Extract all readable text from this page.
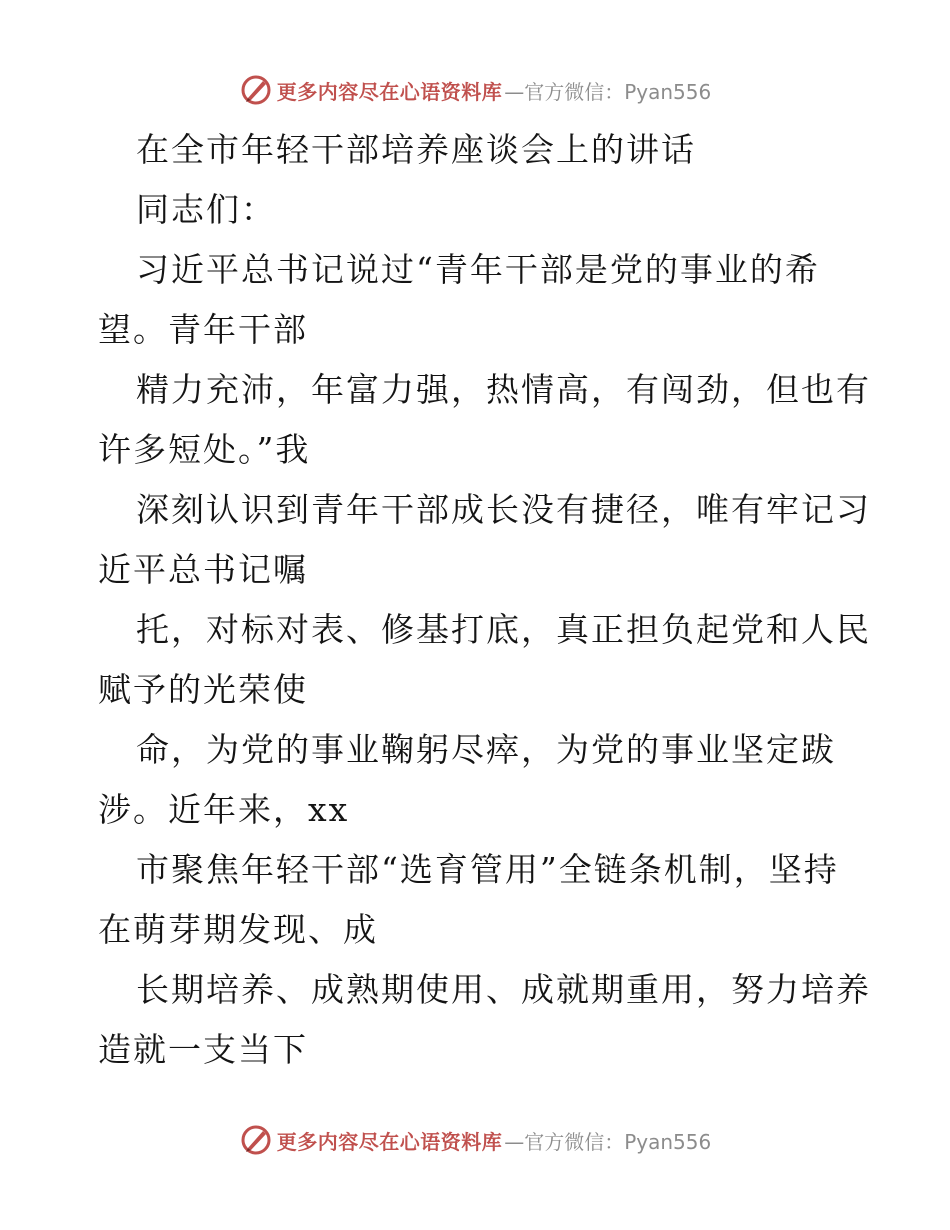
更多内容尽在心语资料库 —官方微信：Pyan556
在全市年轻干部培养座谈会上的讲话
同志们：
习近平总书记说过“青年干部是党的事业的希
望。青年干部
精力充沛，年富力强，热情高，有闯劲，但也有
许多短处。”我
深刻认识到青年干部成长没有捷径，唯有牢记习
近平总书记嘱
托，对标对表、修基打底，真正担负起党和人民
赋予的光荣使
命，为党的事业鞠躬尽瘁，为党的事业坚定跋
涉。近年来，xx
市聚焦年轻干部“选育管用”全链条机制，坚持
在萌芽期发现、成
长期培养、成熟期使用、成就期重用，努力培养
造就一支当下
更多内容尽在心语资料库 —官方微信：Pyan556
